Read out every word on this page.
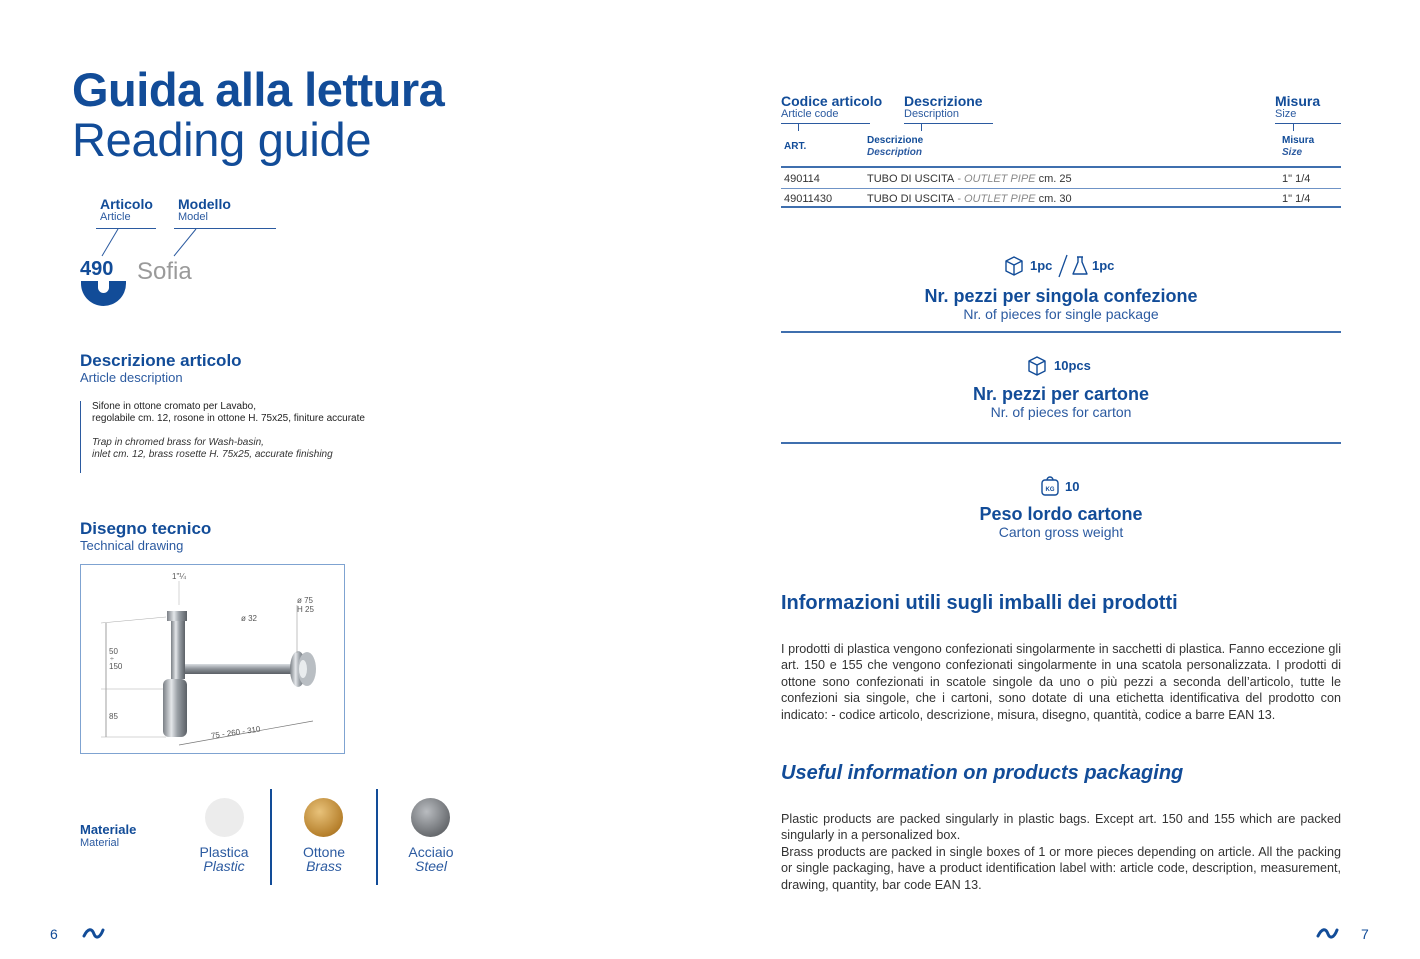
Guida alla lettura
Reading guide
Articolo
Article
Modello
Model
490 Sofia
Descrizione articolo
Article description
Sifone in ottone cromato per Lavabo,
regolabile cm. 12, rosone in ottone H. 75x25, finiture accurate
Trap in chromed brass for Wash-basin,
inlet cm. 12, brass rosette H. 75x25, accurate finishing
Disegno tecnico
Technical drawing
1"¼
ø 32
ø 75
H 25
50
÷
150
85
75 - 260 - 310
Materiale
Material
Plastica
Plastic
Ottone
Brass
Acciaio
Steel
6
Codice articolo
Article code
Descrizione
Description
Misura
Size
ART.
Descrizione
Description
Misura
Size
490114	TUBO DI USCITA - OUTLET PIPE cm. 25	1" 1/4
49011430	TUBO DI USCITA - OUTLET PIPE cm. 30	1" 1/4
1pc	1pc
Nr. pezzi per singola confezione
Nr. of pieces for single package
10pcs
Nr. pezzi per cartone
Nr. of pieces for carton
KG 10
Peso lordo cartone
Carton gross weight
Informazioni utili sugli imballi dei prodotti
I prodotti di plastica vengono confezionati singolarmente in sacchetti di plastica. Fanno eccezione gli art. 150 e 155 che vengono confezionati singolarmente in una scatola personalizzata. I prodotti di ottone sono confezionati in scatole singole da uno o più pezzi a seconda dell’articolo, tutte le confezioni sia singole, che i cartoni, sono dotate di una etichetta identificativa del prodotto con indicato: - codice articolo, descrizione, misura, disegno, quantità, codice a barre EAN 13.
Useful information on products packaging
Plastic products are packed singularly in plastic bags. Except art. 150 and 155 which are packed singularly in a personalized box.
Brass products are packed in single boxes of 1 or more pieces depending on article. All the packing or single packaging, have a product identification label with: article code, description, measurement, drawing, quantity, bar code EAN 13.
7
